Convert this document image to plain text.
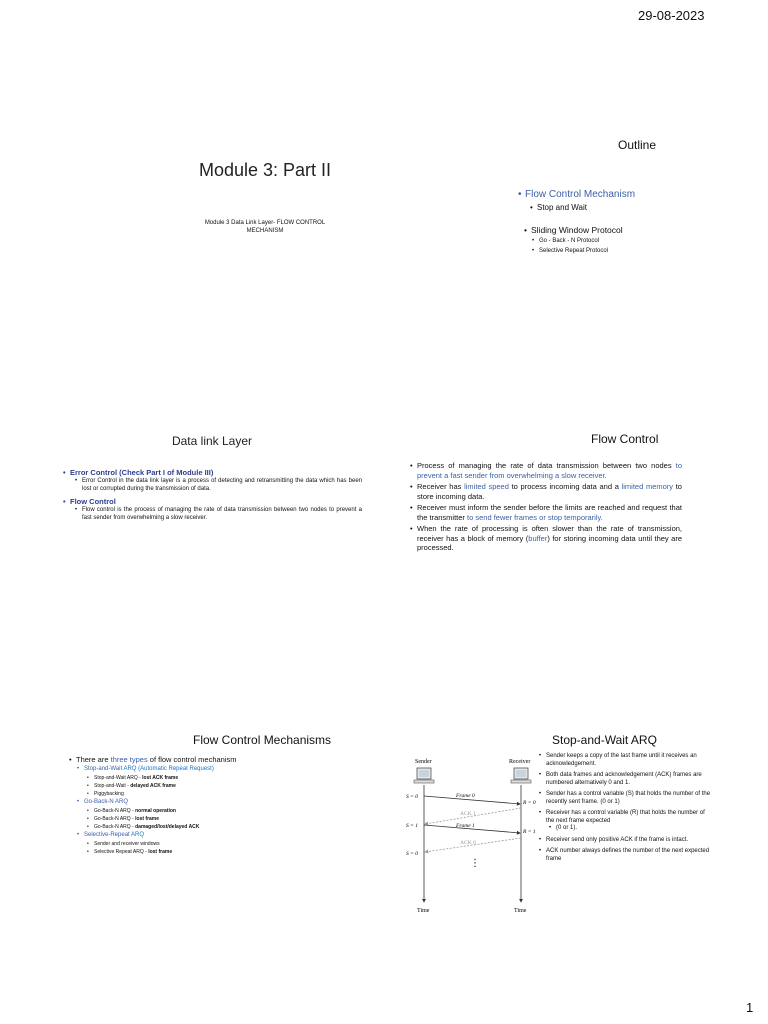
29-08-2023
1
Module 3: Part II
Module 3 Data Link Layer- FLOW CONTROL
MECHANISM
Outline
• Flow Control Mechanism
• Stop and Wait
• Sliding Window Protocol
• Go - Back - N Protocol
• Selective Repeat Protocol
Data link Layer
• Error Control (Check Part I of Module III)
• Error Control in the data link layer is a process of detecting and retransmitting the data which has been lost or corrupted during the transmission of data.
• Flow Control
• Flow control is the process of managing the rate of data transmission between two nodes to prevent a fast sender from overwhelming a slow receiver.
Flow Control
• Process of managing the rate of data transmission between two nodes to prevent a fast sender from overwhelming a slow receiver.
• Receiver has limited speed to process incoming data and a limited memory to store incoming data.
• Receiver must inform the sender before the limits are reached and request that the transmitter to send fewer frames or stop temporarily.
• When the rate of processing is often slower than the rate of transmission, receiver has a block of memory (buffer) for storing incoming data until they are processed.
Flow Control Mechanisms
• There are three types of flow control mechanism
• Stop-and-Wait ARQ (Automatic Repeat Request)
• Stop-and-Wait ARQ - lost ACK frame
• Stop-and-Wait - delayed ACK frame
• Piggybacking
• Go-Back-N ARQ
• Go-Back-N ARQ - normal operation
• Go-Back-N ARQ - lost frame
• Go-Back-N ARQ - damaged/lost/delayed ACK
• Selective-Repeat ARQ
• Sender and receiver windows
• Selective Repeat ARQ - lost frame
Stop-and-Wait ARQ
Sender	Receiver
S = 0
S = 1
S = 0
R = 0
R = 1
Frame 0
ACK 1
Frame 1
ACK 0
⋮
Time	Time
• Sender keeps a copy of the last frame until it receives an acknowledgement.
• Both data frames and acknowledgement (ACK) frames are numbered alternatively 0 and 1.
• Sender has a control variable (S) that holds the number of the recently sent frame. (0 or 1)
• Receiver has a control variable (R) that holds the number of the next frame expected
• (0 or 1).
• Receiver send only positive ACK if the frame is intact.
• ACK number always defines the number of the next expected frame
